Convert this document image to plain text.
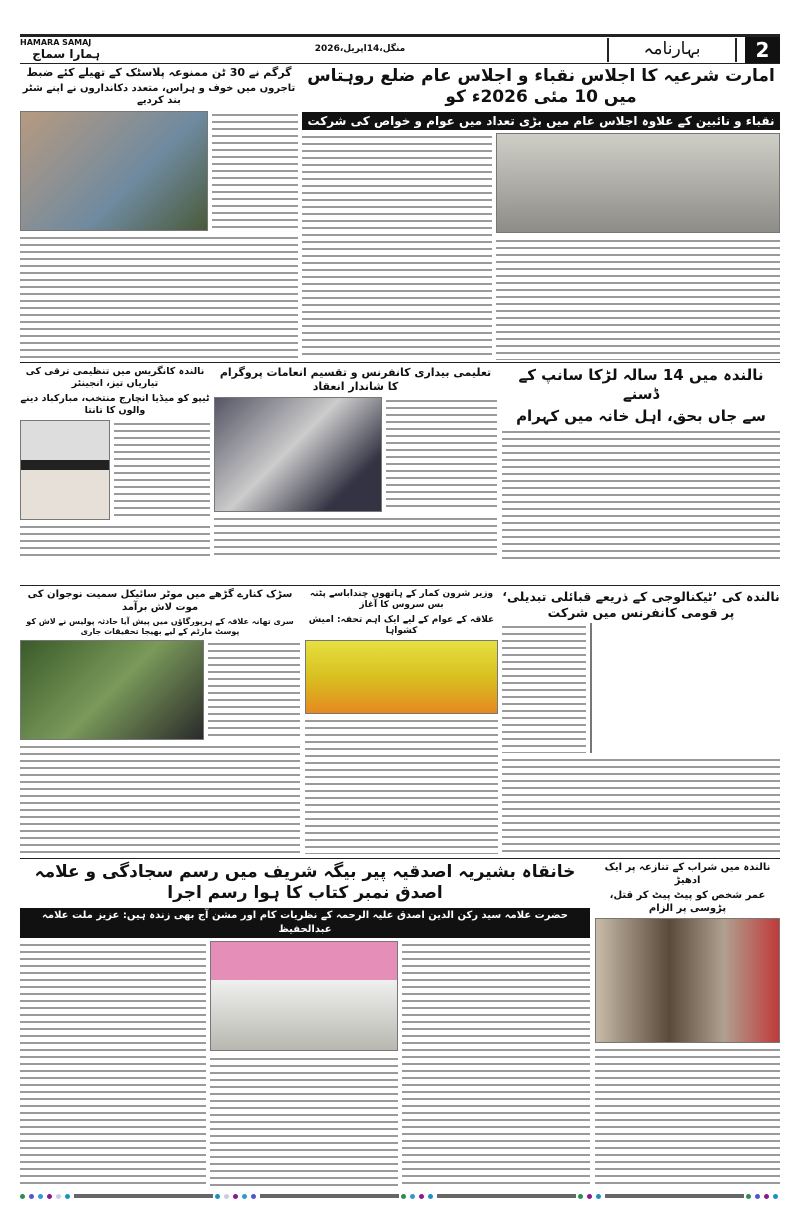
HAMARA SAMAJ
ہمارا سماج	منگل،14اپریل،2026	بہارنامہ	2
امارت شرعیہ کا اجلاس نقباء و اجلاس عام ضلع روہتاس میں 10 مئی 2026ء کو
نقباء و نائبین کے علاوہ اجلاس عام میں بڑی تعداد میں عوام و خواص کی شرکت
گرگم نے 30 ٹن ممنوعہ پلاسٹک کے تھیلے کئے ضبط
تاجروں میں خوف و ہراس، متعدد دکانداروں نے اپنے شٹر بند کردیے
نالندہ کانگریس میں تنظیمی ترقی کی تیاریاں تیز، انجینئر
ٹیپو کو میڈیا انچارج منتخب، مبارکباد دینے والوں کا تانتا
تعلیمی بیداری کانفرنس و تقسیم انعامات پروگرام کا شاندار انعقاد
نالندہ میں 14 سالہ لڑکا سانپ کے ڈسنے
سے جاں بحق، اہل خانہ میں کہرام
سڑک کنارے گڑھے میں موٹر سائیکل سمیت نوجوان کی موت لاش برآمد
سری تھانہ علاقہ کے ہرپورگاؤں میں پیش آیا حادثہ پولیس نے لاش کو پوسٹ مارٹم کے لیے بھیجا تحقیقات جاری
وزیر شرون کمار کے ہاتھوں چنداباسے پٹنہ بس سروس کا آغاز
علاقہ کے عوام کے لیے ایک اہم تحفہ: امیش کشواہا
نالندہ کی ’ٹیکنالوجی کے ذریعے قبائلی تبدیلی‘ پر قومی کانفرنس میں شرکت
خانقاہ بشیریہ اصدقیہ پیر بیگہ شریف میں رسم سجادگی و علامہ اصدق نمبر کتاب کا ہوا رسم اجرا
حضرت علامہ سید رکن الدین اصدق علیہ الرحمہ کے نظریات کام اور مشن آج بھی زندہ ہیں: عزیز ملت علامہ عبدالحفیظ
نالندہ میں شراب کے تنازعہ پر ایک ادھیڑ
عمر شخص کو پیٹ پیٹ کر قتل، پڑوسی پر الزام
